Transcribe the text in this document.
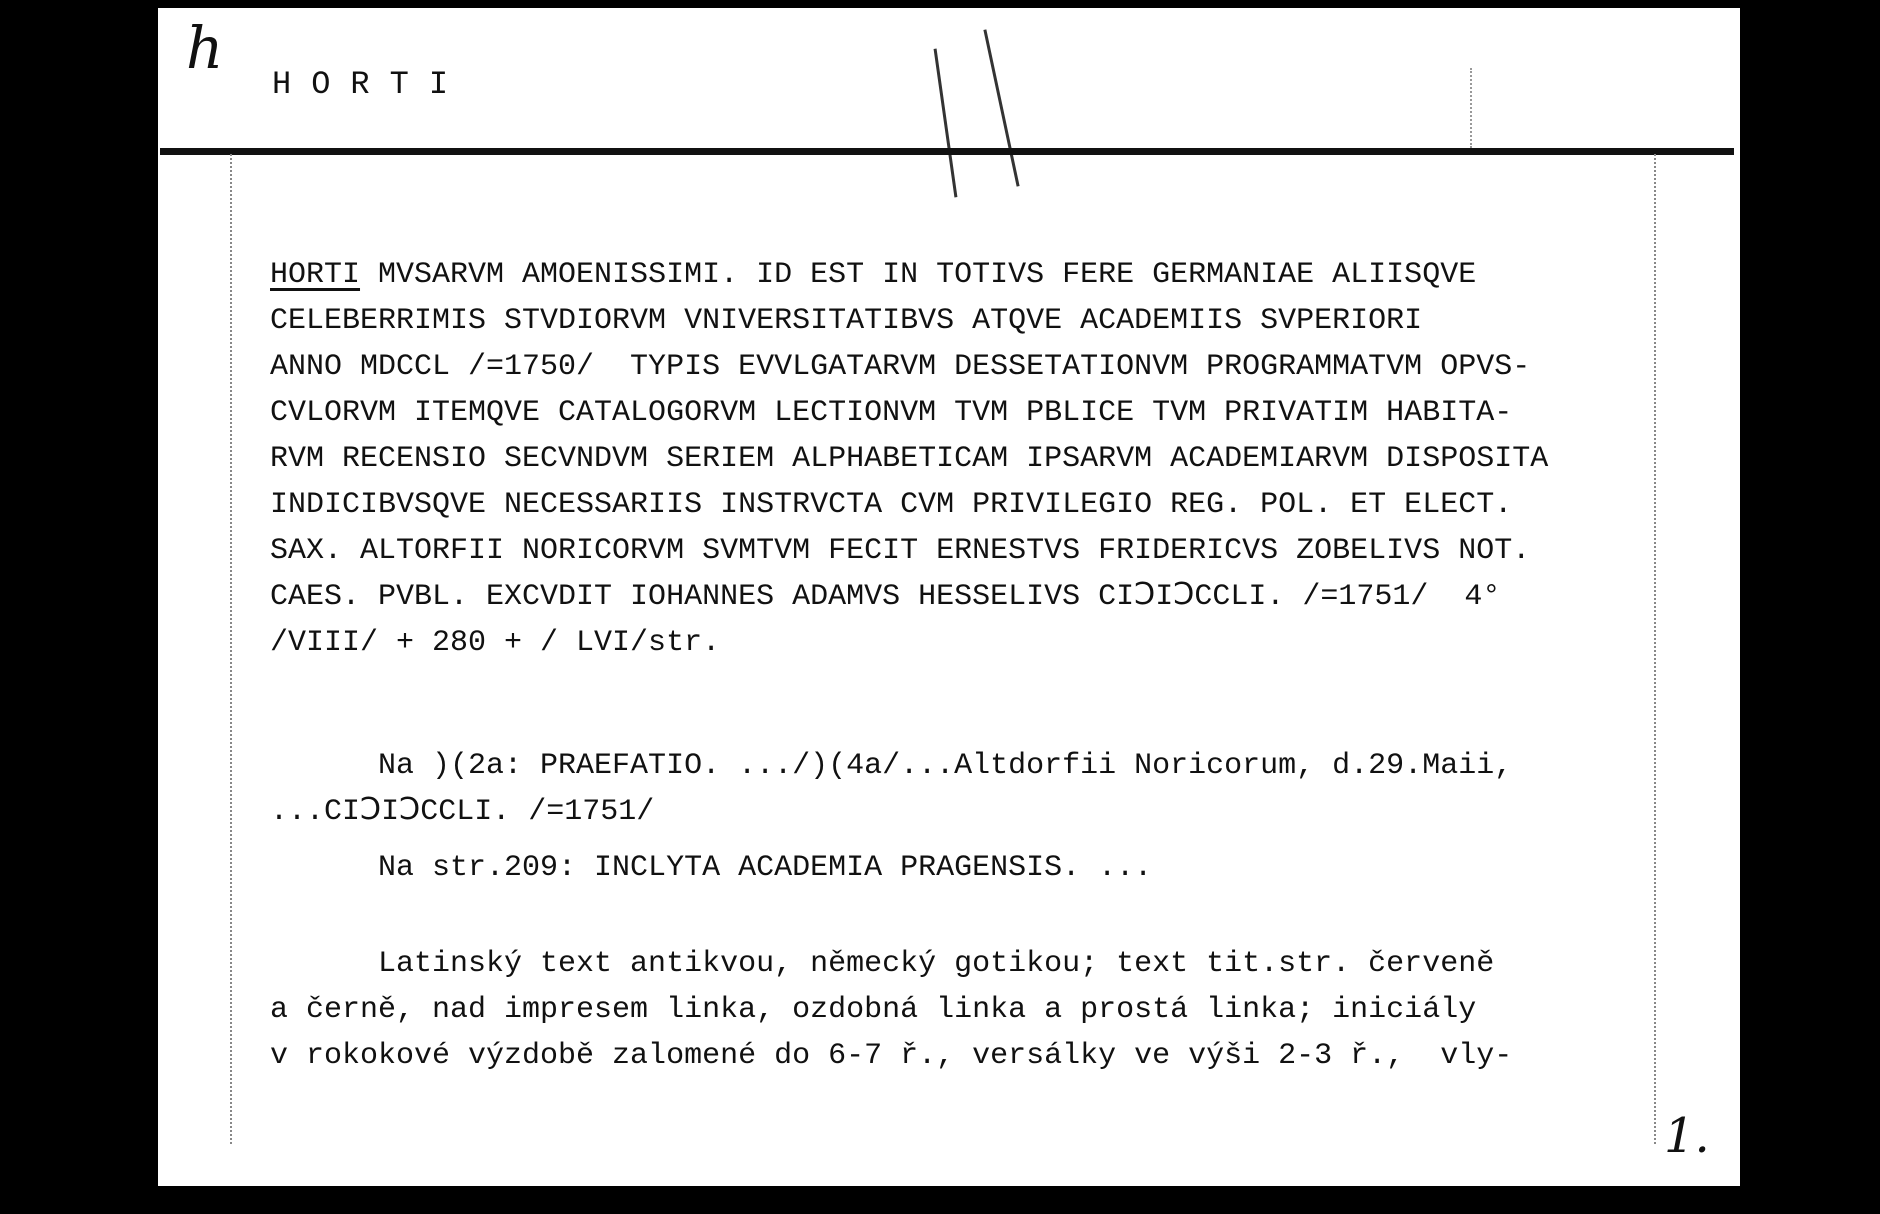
h
HORTI
HORTI MVSARVM AMOENISSIMI. ID EST IN TOTIVS FERE GERMANIAE ALIISQVE
CELEBERRIMIS STVDIORVM VNIVERSITATIBVS ATQVE ACADEMIIS SVPERIORI
ANNO MDCCL /=1750/  TYPIS EVVLGATARVM DESSETATIONVM PROGRAMMATVM OPVS-
CVLORVM ITEMQVE CATALOGORVM LECTIONVM TVM PBLICE TVM PRIVATIM HABITA-
RVM RECENSIO SECVNDVM SERIEM ALPHABETICAM IPSARVM ACADEMIARVM DISPOSITA
INDICIBVSQVE NECESSARIIS INSTRVCTA CVM PRIVILEGIO REG. POL. ET ELECT.
SAX. ALTORFII NORICORVM SVMTVM FECIT ERNESTVS FRIDERICVS ZOBELIVS NOT.
CAES. PVBL. EXCVDIT IOHANNES ADAMVS HESSELIVS CIↃIↃCCLI. /=1751/  4°
/VIII/ + 280 + / LVI/str.
Na )(2a: PRAEFATIO. .../)(4a/...Altdorfii Noricorum, d.29.Maii,
...CIↃIↃCCLI. /=1751/
Na str.209: INCLYTA ACADEMIA PRAGENSIS. ...
Latinský text antikvou, německý gotikou; text tit.str. červeně
a černě, nad impresem linka, ozdobná linka a prostá linka; iniciály
v rokokové výzdobě zalomené do 6-7 ř., versálky ve výši 2-3 ř.,  vly-
1.
